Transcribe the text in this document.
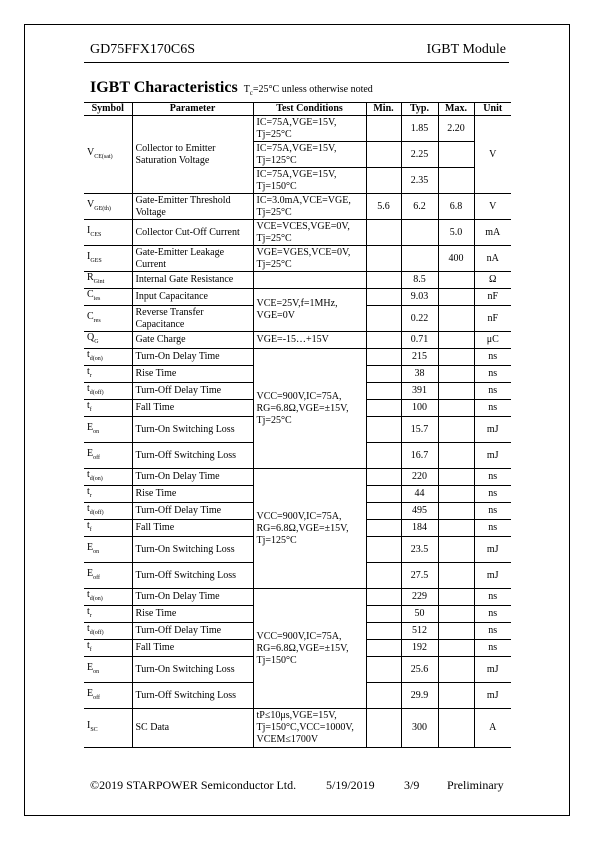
GD75FFX170C6S	IGBT Module
IGBT Characteristics $T_c=25^\circ C$ unless otherwise noted
Symbol	Parameter	Test Conditions	Min.	Typ.	Max.	Unit
$V_{CE(sat)}$	Collector to Emitter Saturation Voltage	IC=75A,VGE=15V, Tj=25°C		1.85	2.20	V
		IC=75A,VGE=15V, Tj=125°C		2.25		
		IC=75A,VGE=15V, Tj=150°C		2.35		
$V_{GE(th)}$	Gate-Emitter Threshold Voltage	IC=3.0mA,VCE=VGE, Tj=25°C	5.6	6.2	6.8	V
$I_{CES}$	Collector Cut-Off Current	VCE=VCES,VGE=0V, Tj=25°C			5.0	mA
$I_{GES}$	Gate-Emitter Leakage Current	VGE=VGES,VCE=0V, Tj=25°C			400	nA
$R_{Gint}$	Internal Gate Resistance			8.5		Ω
$C_{ies}$	Input Capacitance	VCE=25V,f=1MHz, VGE=0V		9.03		nF
$C_{res}$	Reverse Transfer Capacitance			0.22		nF
$Q_G$	Gate Charge	VGE=-15…+15V		0.71		μC
$t_{d(on)}$	Turn-On Delay Time	VCC=900V,IC=75A, RG=6.8Ω,VGE=±15V, Tj=25°C		215		ns
$t_r$	Rise Time			38		ns
$t_{d(off)}$	Turn-Off Delay Time			391		ns
$t_f$	Fall Time			100		ns
$E_{on}$	Turn-On Switching Loss			15.7		mJ
$E_{off}$	Turn-Off Switching Loss			16.7		mJ
$t_{d(on)}$	Turn-On Delay Time	VCC=900V,IC=75A, RG=6.8Ω,VGE=±15V, Tj=125°C		220		ns
$t_r$	Rise Time			44		ns
$t_{d(off)}$	Turn-Off Delay Time			495		ns
$t_f$	Fall Time			184		ns
$E_{on}$	Turn-On Switching Loss			23.5		mJ
$E_{off}$	Turn-Off Switching Loss			27.5		mJ
$t_{d(on)}$	Turn-On Delay Time	VCC=900V,IC=75A, RG=6.8Ω,VGE=±15V, Tj=150°C		229		ns
$t_r$	Rise Time			50		ns
$t_{d(off)}$	Turn-Off Delay Time			512		ns
$t_f$	Fall Time			192		ns
$E_{on}$	Turn-On Switching Loss			25.6		mJ
$E_{off}$	Turn-Off Switching Loss			29.9		mJ
$I_{SC}$	SC Data	tP≤10μs,VGE=15V, Tj=150°C,VCC=1000V, VCEM≤1700V		300		A
©2019 STARPOWER Semiconductor Ltd. 5/19/2019 3/9 Preliminary
